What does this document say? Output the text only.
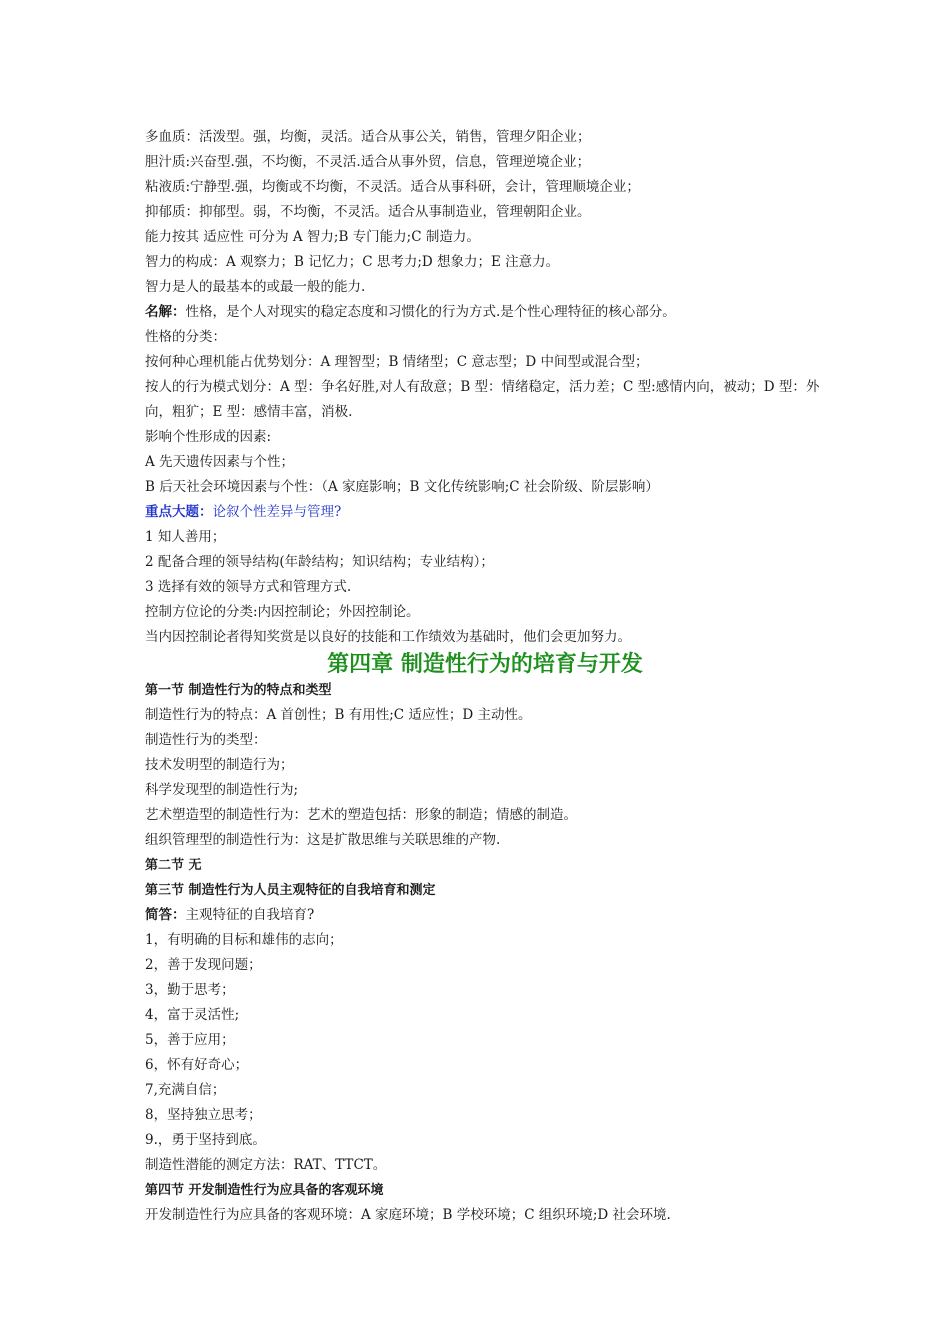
多血质：活泼型。强，均衡，灵活。适合从事公关，销售，管理夕阳企业；
胆汁质:兴奋型.强，不均衡，不灵活.适合从事外贸，信息，管理逆境企业；
粘液质:宁静型.强，均衡或不均衡，不灵活。适合从事科研，会计，管理顺境企业；
抑郁质：抑郁型。弱，不均衡，不灵活。适合从事制造业，管理朝阳企业。
能力按其 适应性 可分为 A 智力;B 专门能力;C 制造力。
智力的构成：A 观察力；B 记忆力；C 思考力;D 想象力；E 注意力。
智力是人的最基本的或最一般的能力.
名解：性格，是个人对现实的稳定态度和习惯化的行为方式.是个性心理特征的核心部分。
性格的分类：
按何种心理机能占优势划分：A 理智型；B 情绪型；C 意志型；D 中间型或混合型；
按人的行为模式划分：A 型：争名好胜,对人有敌意；B 型：情绪稳定，活力差；C 型:感情内向，被动；D 型：外向，粗犷；E 型：感情丰富，消极.
影响个性形成的因素:
A 先天遗传因素与个性；
B 后天社会环境因素与个性：（A 家庭影响；B 文化传统影响;C 社会阶级、阶层影响）
重点大题：论叙个性差异与管理?
1 知人善用；
2 配备合理的领导结构(年龄结构；知识结构；专业结构）；
3 选择有效的领导方式和管理方式.
控制方位论的分类:内因控制论；外因控制论。
当内因控制论者得知奖赏是以良好的技能和工作绩效为基础时，他们会更加努力。
第四章 制造性行为的培育与开发
第一节 制造性行为的特点和类型
制造性行为的特点：A 首创性；B 有用性;C 适应性；D 主动性。
制造性行为的类型：
技术发明型的制造行为；
科学发现型的制造性行为;
艺术塑造型的制造性行为：艺术的塑造包括：形象的制造；情感的制造。
组织管理型的制造性行为：这是扩散思维与关联思维的产物.
第二节 无
第三节 制造性行为人员主观特征的自我培育和测定
简答：主观特征的自我培育?
1，有明确的目标和雄伟的志向；
2，善于发现问题；
3，勤于思考；
4，富于灵活性;
5，善于应用；
6，怀有好奇心；
7,充满自信；
8，坚持独立思考；
9.，勇于坚持到底。
制造性潜能的测定方法：RAT、TTCT。
第四节 开发制造性行为应具备的客观环境
开发制造性行为应具备的客观环境：A 家庭环境；B 学校环境；C 组织环境;D 社会环境.
